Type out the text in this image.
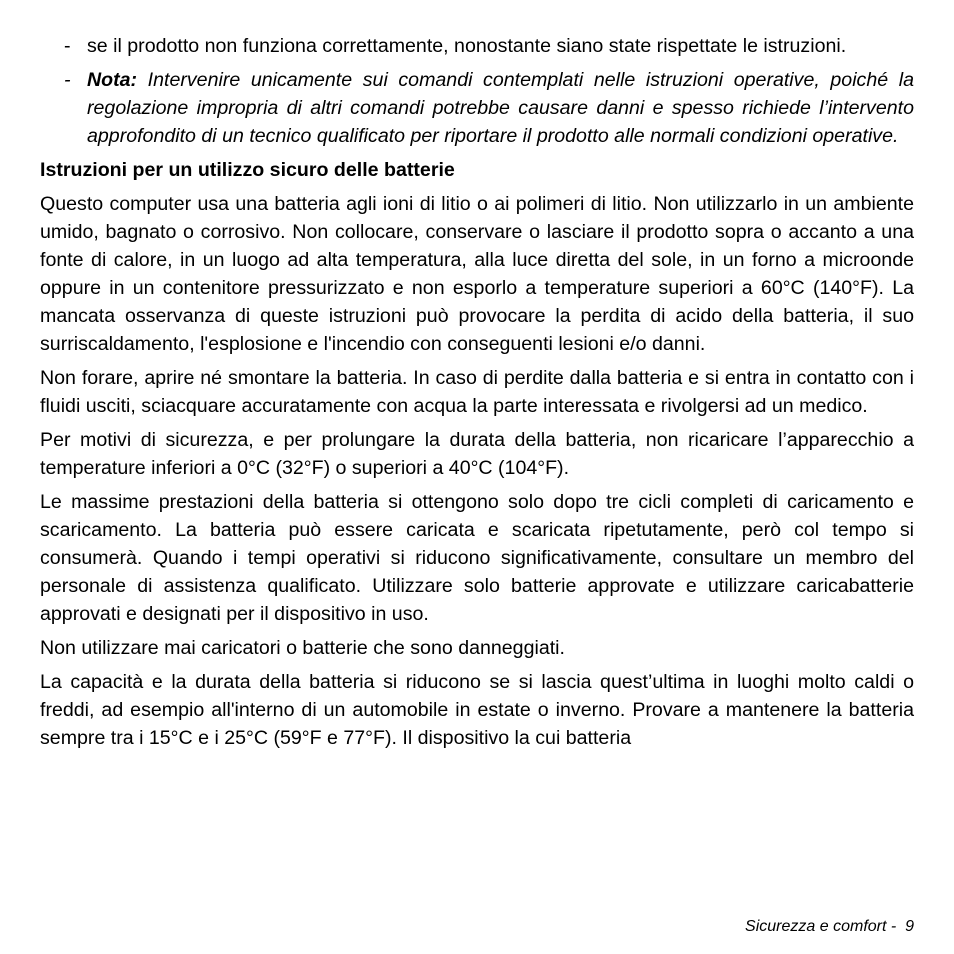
- se il prodotto non funziona correttamente, nonostante siano state rispettate le istruzioni.
- Nota: Intervenire unicamente sui comandi contemplati nelle istruzioni operative, poiché la regolazione impropria di altri comandi potrebbe causare danni e spesso richiede l’intervento approfondito di un tecnico qualificato per riportare il prodotto alle normali condizioni operative.
Istruzioni per un utilizzo sicuro delle batterie

Questo computer usa una batteria agli ioni di litio o ai polimeri di litio. Non utilizzarlo in un ambiente umido, bagnato o corrosivo. Non collocare, conservare o lasciare il prodotto sopra o accanto a una fonte di calore, in un luogo ad alta temperatura, alla luce diretta del sole, in un forno a microonde oppure in un contenitore pressurizzato e non esporlo a temperature superiori a 60°C (140°F). La mancata osservanza di queste istruzioni può provocare la perdita di acido della batteria, il suo surriscaldamento, l'esplosione e l'incendio con conseguenti lesioni e/o danni.

Non forare, aprire né smontare la batteria. In caso di perdite dalla batteria e si entra in contatto con i fluidi usciti, sciacquare accuratamente con acqua la parte interessata e rivolgersi ad un medico.

Per motivi di sicurezza, e per prolungare la durata della batteria, non ricaricare l’apparecchio a temperature inferiori a 0°C (32°F) o superiori a 40°C (104°F).

Le massime prestazioni della batteria si ottengono solo dopo tre cicli completi di caricamento e scaricamento. La batteria può essere caricata e scaricata ripetutamente, però col tempo si consumerà. Quando i tempi operativi si riducono significativamente, consultare un membro del personale di assistenza qualificato. Utilizzare solo batterie approvate e utilizzare caricabatterie approvati e designati per il dispositivo in uso.

Non utilizzare mai caricatori o batterie che sono danneggiati.

La capacità e la durata della batteria si riducono se si lascia quest’ultima in luoghi molto caldi o freddi, ad esempio all'interno di un automobile in estate o inverno. Provare a mantenere la batteria sempre tra i 15°C e i 25°C (59°F e 77°F). Il dispositivo la cui batteria

Sicurezza e comfort -  9
